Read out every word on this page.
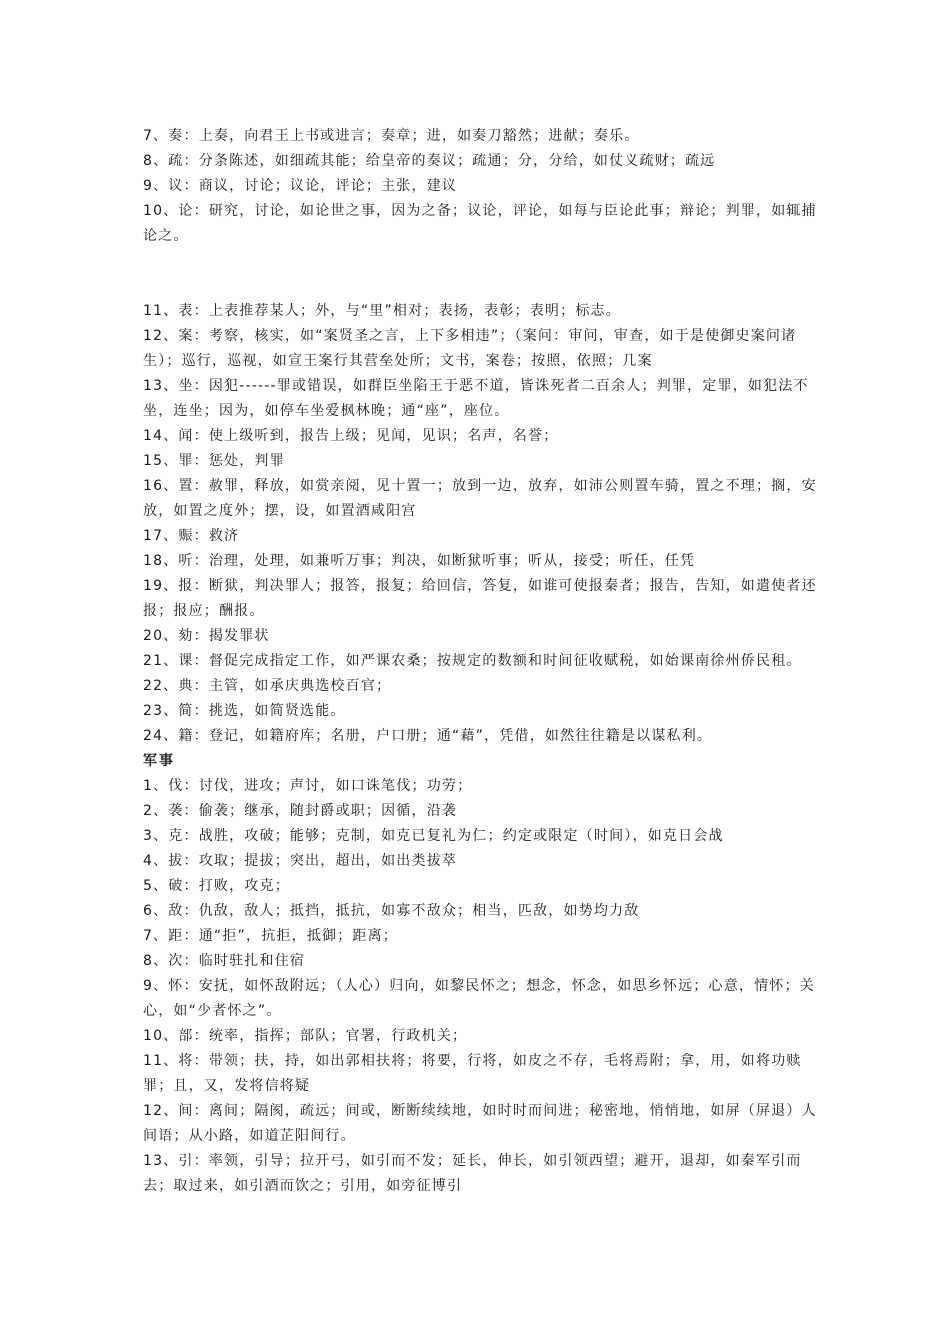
7、奏：上奏，向君王上书或进言；奏章；进，如奏刀豁然；进献；奏乐。

8、疏：分条陈述，如细疏其能；给皇帝的奏议；疏通；分，分给，如仗义疏财；疏远

9、议：商议，讨论；议论，评论；主张，建议

10、论：研究，讨论，如论世之事，因为之备；议论，评论，如每与臣论此事；辩论；判罪，如辄捕论之。

11、表：上表推荐某人；外，与“里”相对；表扬，表彰；表明；标志。

12、案：考察，核实，如“案贤圣之言，上下多相违”；（案问：审问，审查，如于是使御史案问诸生）；巡行，巡视，如宣王案行其营垒处所；文书，案卷；按照，依照；几案

13、坐：因犯------罪或错误，如群臣坐陷王于恶不道，皆诛死者二百余人；判罪，定罪，如犯法不坐，连坐；因为，如停车坐爱枫林晚；通“座”，座位。

14、闻：使上级听到，报告上级；见闻，见识；名声，名誉；

15、罪：惩处，判罪

16、置：赦罪，释放，如赏亲阅，见十置一；放到一边，放弃，如沛公则置车骑，置之不理；搁，安放，如置之度外；摆，设，如置酒咸阳宫

17、赈：救济

18、听：治理，处理，如兼听万事；判决，如断狱听事；听从，接受；听任，任凭

19、报：断狱，判决罪人；报答，报复；给回信，答复，如谁可使报秦者；报告，告知，如遣使者还报；报应；酬报。

20、劾：揭发罪状

21、课：督促完成指定工作，如严课农桑；按规定的数额和时间征收赋税，如始课南徐州侨民租。

22、典：主管，如承庆典选校百官；

23、简：挑选，如简贤选能。

24、籍：登记，如籍府库；名册，户口册；通“藉”，凭借，如然往往籍是以谋私利。

军事

1、伐：讨伐，进攻；声讨，如口诛笔伐；功劳；

2、袭：偷袭；继承，随封爵或职；因循，沿袭

3、克：战胜，攻破；能够；克制，如克已复礼为仁；约定或限定（时间），如克日会战

4、拔：攻取；提拔；突出，超出，如出类拔萃

5、破：打败，攻克；

6、敌：仇敌，敌人；抵挡，抵抗，如寡不敌众；相当，匹敌，如势均力敌

7、距：通“拒”，抗拒，抵御；距离；

8、次：临时驻扎和住宿

9、怀：安抚，如怀敌附远；（人心）归向，如黎民怀之；想念，怀念，如思乡怀远；心意，情怀；关心，如“少者怀之”。

10、部：统率，指挥；部队；官署，行政机关；

11、将：带领；扶，持，如出郭相扶将；将要，行将，如皮之不存，毛将焉附；拿，用，如将功赎罪；且，又，发将信将疑

12、间：离间；隔阂，疏远；间或，断断续续地，如时时而间进；秘密地，悄悄地，如屏（屏退）人间语；从小路，如道芷阳间行。

13、引：率领，引导；拉开弓，如引而不发；延长，伸长，如引领西望；避开，退却，如秦军引而去；取过来，如引酒而饮之；引用，如旁征博引
